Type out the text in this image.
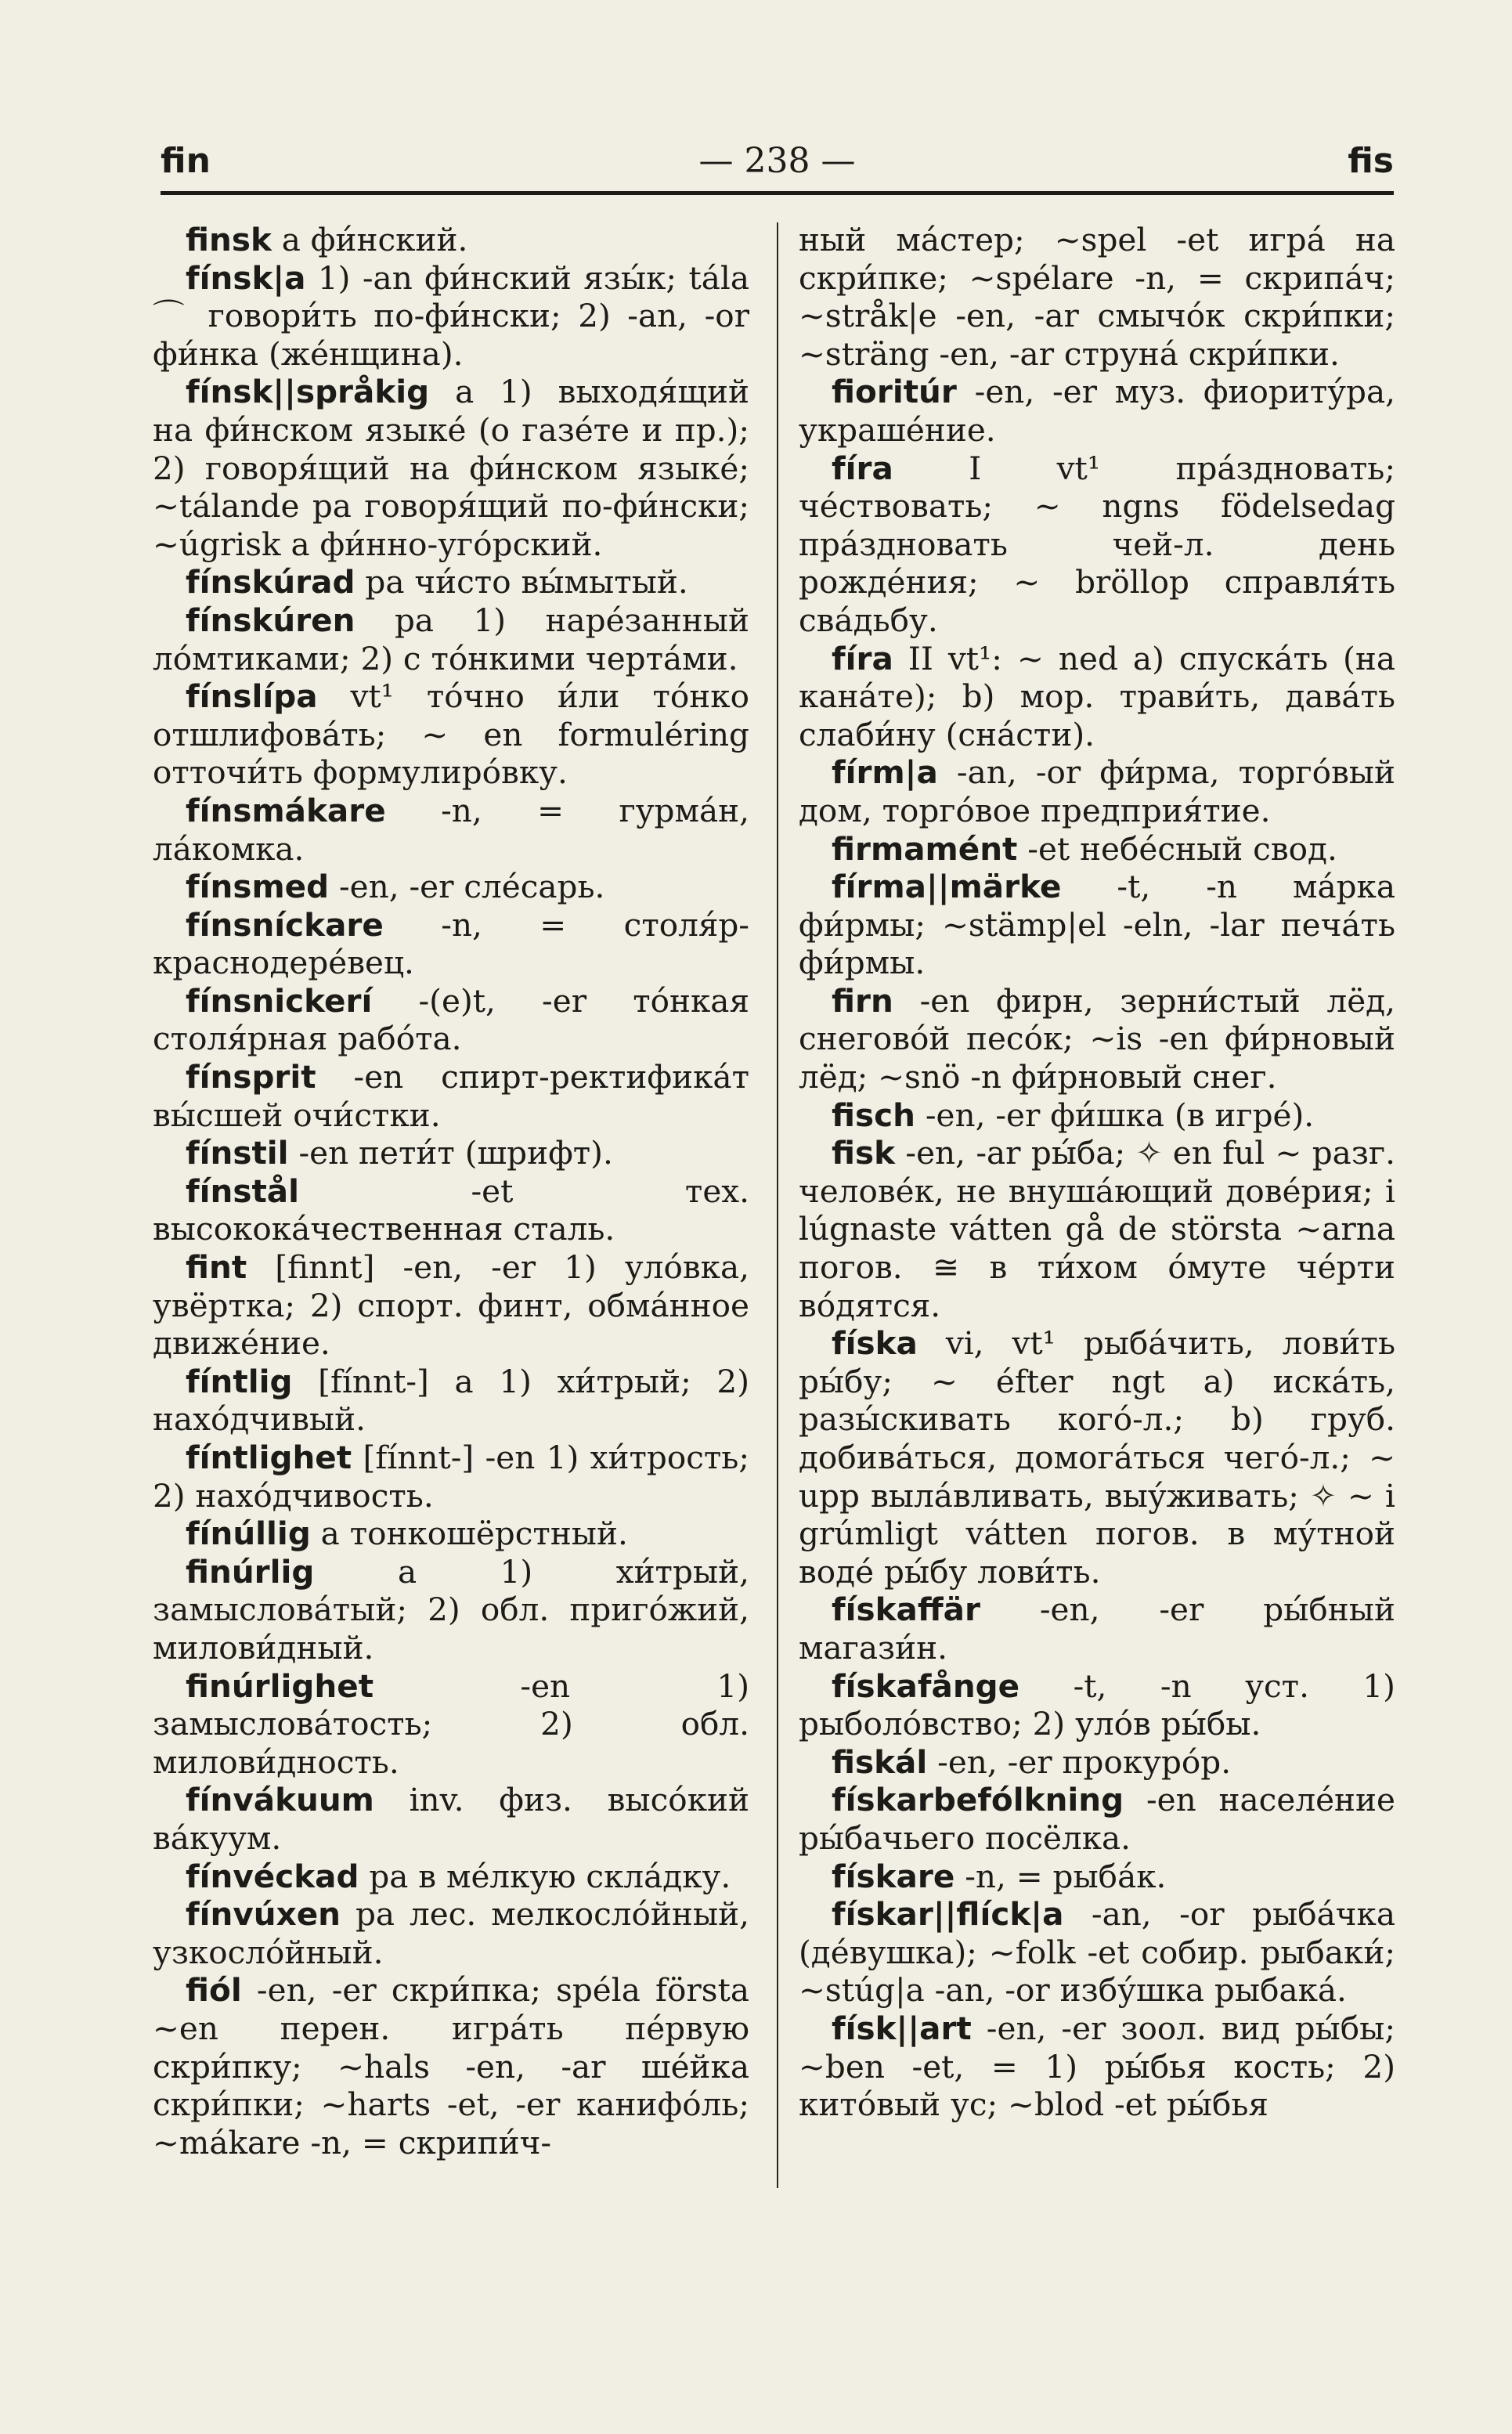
fin	— 238 —	fis

finsk a фи́нский.

fínsk|a 1) -an фи́нский язы́к; tála ⌒ говори́ть по-фи́нски; 2) -an, -or фи́нка (же́нщина).

fínsk||språkig a 1) выходя́щий на фи́нском языке́ (о газе́те и пр.); 2) говоря́щий на фи́нском языке́; ~tálande pa говоря́щий по-фи́нски; ~úgrisk a фи́нно-угóрский.

fínskúrad pa чи́сто вы́мытый.

fínskúren pa 1) наре́занный ло́мтиками; 2) с то́нкими черта́ми.

fínslípa vt¹ то́чно и́ли то́нко отшлифова́ть; ~ en formuléring отточи́ть формулиро́вку.

fínsmákare -n, = гурма́н, ла́комка.

fínsmed -en, -er сле́сарь.

fínsníckare -n, = столя́р-краснодере́вец.

fínsnickerí -(e)t, -er то́нкая столя́рная рабо́та.

fínsprit -en спирт-ректифика́т вы́сшей очи́стки.

fínstil -en пети́т (шрифт).

fínstål -et тех. высокока́чественная сталь.

fint [finnt] -en, -er 1) уло́вка, увёртка; 2) спорт. финт, обма́нное движе́ние.

fíntlig [fínnt-] a 1) хи́трый; 2) нахо́дчивый.

fíntlighet [fínnt-] -en 1) хи́трость; 2) нахо́дчивость.

fínúllig a тонкошёрстный.

finúrlig a 1) хи́трый, замыслова́тый; 2) обл. приго́жий, милови́дный.

finúrlighet -en 1) замыслова́тость; 2) обл. милови́дность.

fínvákuum inv. физ. высо́кий ва́куум.

fínvéckad pa в ме́лкую скла́дку.

fínvúxen pa лес. мелкосло́йный, узкосло́йный.

fiól -en, -er скри́пка; spéla första ~en перен. игра́ть пе́рвую скри́пку; ~hals -en, -ar ше́йка скри́пки; ~harts -et, -er канифо́ль; ~mákare -n, = скрипи́ч-

ный ма́стер; ~spel -et игра́ на скри́пке; ~spélare -n, = скрипа́ч; ~stråk|e -en, -ar смычо́к скри́пки; ~sträng -en, -ar струна́ скри́пки.

fioritúr -en, -er муз. фиориту́ра, украше́ние.

fíra I vt¹ пра́здновать; че́ствовать; ~ ngns födelsedag пра́здновать чей-л. день рожде́ния; ~ bröllop справля́ть сва́дьбу.

fíra II vt¹: ~ ned a) спуска́ть (на кана́те); b) мор. трави́ть, дава́ть слаби́ну (сна́сти).

fírm|a -an, -or фи́рма, торго́вый дом, торго́вое предприя́тие.

firmamént -et небе́сный свод.

fírma||märke -t, -n ма́рка фи́рмы; ~stämp|el -eln, -lar печа́ть фи́рмы.

firn -en фирн, зерни́стый лёд, снегово́й песо́к; ~is -en фи́рновый лёд; ~snö -n фи́рновый снег.

fisch -en, -er фи́шка (в игре́).

fisk -en, -ar ры́ба; ✧ en ful ~ разг. челове́к, не внуша́ющий дове́рия; i lúgnaste vátten gå de största ~arna погов. ≅ в ти́хом о́муте че́рти во́дятся.

físka vi, vt¹ рыба́чить, лови́ть ры́бу; ~ éfter ngt a) иска́ть, разы́скивать кого́-л.; b) груб. добива́ться, домога́ться чего́-л.; ~ upp выла́вливать, выу́живать; ✧ ~ i grúmligt vátten погов. в му́тной воде́ ры́бу лови́ть.

fískaffär -en, -er ры́бный магази́н.

fískafånge -t, -n уст. 1) рыболо́вство; 2) уло́в ры́бы.

fiskál -en, -er прокуро́р.

fískarbefólkning -en населе́ние ры́бачьего посёлка.

fískare -n, = рыба́к.

fískar||flíck|a -an, -or рыба́чка (де́вушка); ~folk -et собир. рыбаки́; ~stúg|a -an, -or избу́шка рыбака́.

físk||art -en, -er зоол. вид ры́бы; ~ben -et, = 1) ры́бья кость; 2) кито́вый ус; ~blod -et ры́бья
